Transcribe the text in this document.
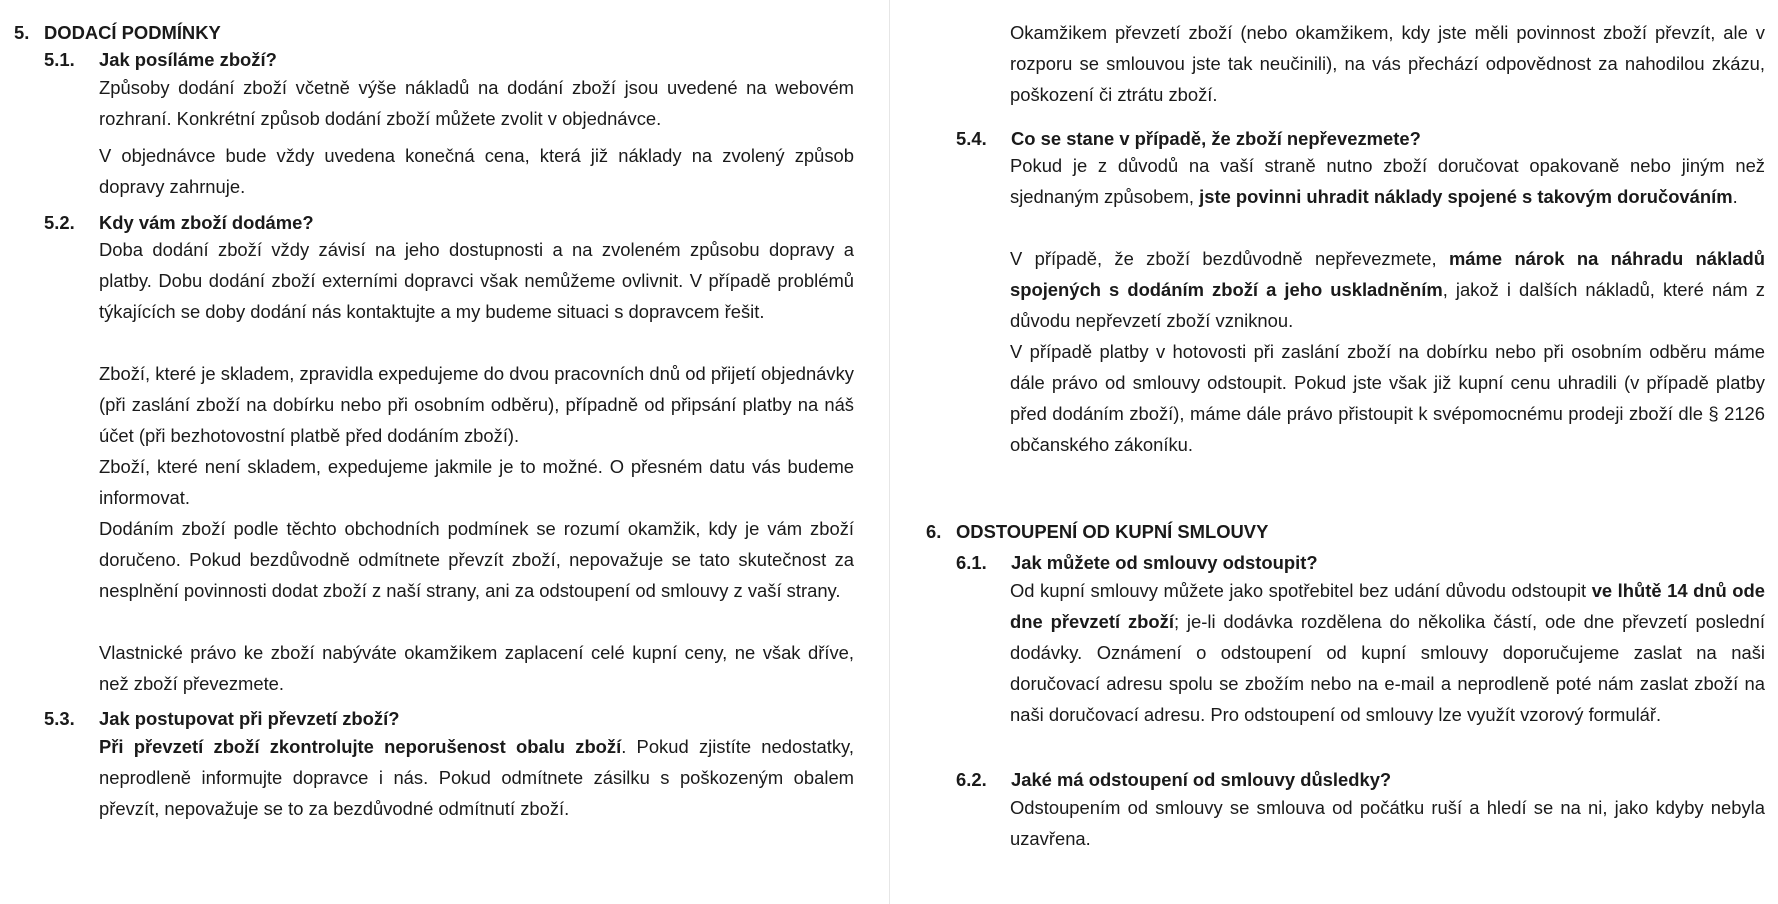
5. DODACÍ PODMÍNKY
5.1. Jak posíláme zboží?
Způsoby dodání zboží včetně výše nákladů na dodání zboží jsou uvedené na webovém rozhraní. Konkrétní způsob dodání zboží můžete zvolit v objednávce.
V objednávce bude vždy uvedena konečná cena, která již náklady na zvolený způsob dopravy zahrnuje.
5.2. Kdy vám zboží dodáme?
Doba dodání zboží vždy závisí na jeho dostupnosti a na zvoleném způsobu dopravy a platby. Dobu dodání zboží externími dopravci však nemůžeme ovlivnit. V případě problémů týkajících se doby dodání nás kontaktujte a my budeme situaci s dopravcem řešit.
Zboží, které je skladem, zpravidla expedujeme do dvou pracovních dnů od přijetí objednávky (při zaslání zboží na dobírku nebo při osobním odběru), případně od připsání platby na náš účet (při bezhotovostní platbě před dodáním zboží).
Zboží, které není skladem, expedujeme jakmile je to možné. O přesném datu vás budeme informovat.
Dodáním zboží podle těchto obchodních podmínek se rozumí okamžik, kdy je vám zboží doručeno. Pokud bezdůvodně odmítnete převzít zboží, nepovažuje se tato skutečnost za nesplnění povinnosti dodat zboží z naší strany, ani za odstoupení od smlouvy z vaší strany.
Vlastnické právo ke zboží nabýváte okamžikem zaplacení celé kupní ceny, ne však dříve, než zboží převezmete.
5.3. Jak postupovat při převzetí zboží?
Při převzetí zboží zkontrolujte neporušenost obalu zboží. Pokud zjistíte nedostatky, neprodleně informujte dopravce i nás. Pokud odmítnete zásilku s poškozeným obalem převzít, nepovažuje se to za bezdůvodné odmítnutí zboží.
Okamžikem převzetí zboží (nebo okamžikem, kdy jste měli povinnost zboží převzít, ale v rozporu se smlouvou jste tak neučinili), na vás přechází odpovědnost za nahodilou zkázu, poškození či ztrátu zboží.
5.4. Co se stane v případě, že zboží nepřevezmete?
Pokud je z důvodů na vaší straně nutno zboží doručovat opakovaně nebo jiným než sjednaným způsobem, jste povinni uhradit náklady spojené s takovým doručováním.
V případě, že zboží bezdůvodně nepřevezmete, máme nárok na náhradu nákladů spojených s dodáním zboží a jeho uskladněním, jakož i dalších nákladů, které nám z důvodu nepřevzetí zboží vzniknou.
V případě platby v hotovosti při zaslání zboží na dobírku nebo při osobním odběru máme dále právo od smlouvy odstoupit. Pokud jste však již kupní cenu uhradili (v případě platby před dodáním zboží), máme dále právo přistoupit k svépomocnému prodeji zboží dle § 2126 občanského zákoníku.
6. ODSTOUPENÍ OD KUPNÍ SMLOUVY
6.1. Jak můžete od smlouvy odstoupit?
Od kupní smlouvy můžete jako spotřebitel bez udání důvodu odstoupit ve lhůtě 14 dnů ode dne převzetí zboží; je-li dodávka rozdělena do několika částí, ode dne převzetí poslední dodávky. Oznámení o odstoupení od kupní smlouvy doporučujeme zaslat na naši doručovací adresu spolu se zbožím nebo na e-mail a neprodleně poté nám zaslat zboží na naši doručovací adresu. Pro odstoupení od smlouvy lze využít vzorový formulář.
6.2. Jaké má odstoupení od smlouvy důsledky?
Odstoupením od smlouvy se smlouva od počátku ruší a hledí se na ni, jako kdyby nebyla uzavřena.
